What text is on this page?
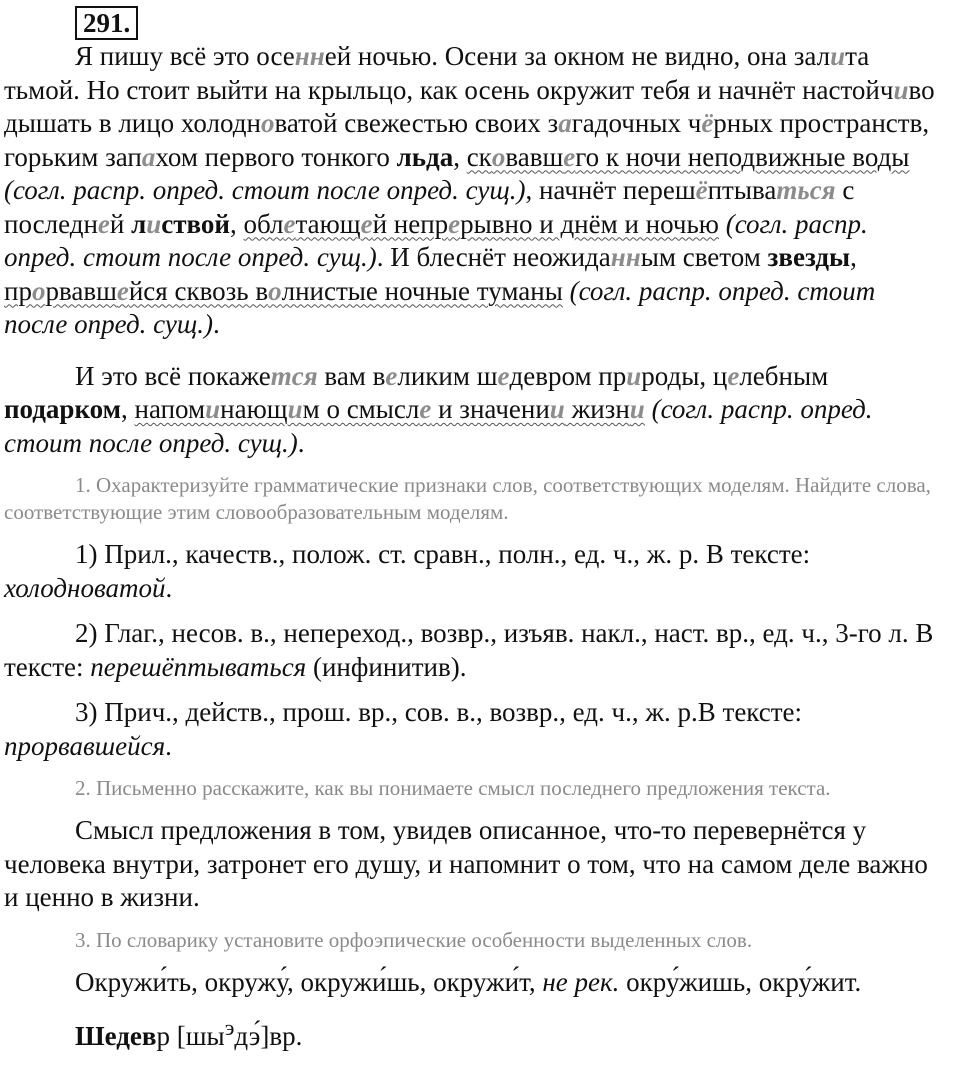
291.

Я пишу всё это осенней ночью. Осени за окном не видно, она залита тьмой. Но стоит выйти на крыльцо, как осень окружит тебя и начнёт настойчиво дышать в лицо холодноватой свежестью своих загадочных чёрных пространств, горьким запахом первого тонкого льда, сковавшего к ночи неподвижные воды (согл. распр. опред. стоит после опред. сущ.), начнёт перешёптываться с последней листвой, облетающей непрерывно и днём и ночью (согл. распр. опред. стоит после опред. сущ.). И блеснёт неожиданным светом звезды, прорвавшейся сквозь волнистые ночные туманы (согл. распр. опред. стоит после опред. сущ.).

И это всё покажется вам великим шедевром природы, целебным подарком, напоминающим о смысле и значении жизни (согл. распр. опред. стоит после опред. сущ.).

1. Охарактеризуйте грамматические признаки слов, соответствующих моделям. Найдите слова, соответствующие этим словообразовательным моделям.

1) Прил., качеств., полож. ст. сравн., полн., ед. ч., ж. р. В тексте: холодноватой.

2) Глаг., несов. в., непереход., возвр., изъяв. накл., наст. вр., ед. ч., 3-го л. В тексте: перешёптываться (инфинитив).

3) Прич., действ., прош. вр., сов. в., возвр., ед. ч., ж. р.В тексте: прорвавшейся.

2. Письменно расскажите, как вы понимаете смысл последнего предложения текста.

Смысл предложения в том, увидев описанное, что-то перевернётся у человека внутри, затронет его душу, и напомнит о том, что на самом деле важно и ценно в жизни.

3. По словарику установите орфоэпические особенности выделенных слов.

Окружи́ть, окружу́, окружи́шь, окружи́т, не рек. окру́жишь, окру́жит.

Шедевр $[шы^эдэ́]вр$.
